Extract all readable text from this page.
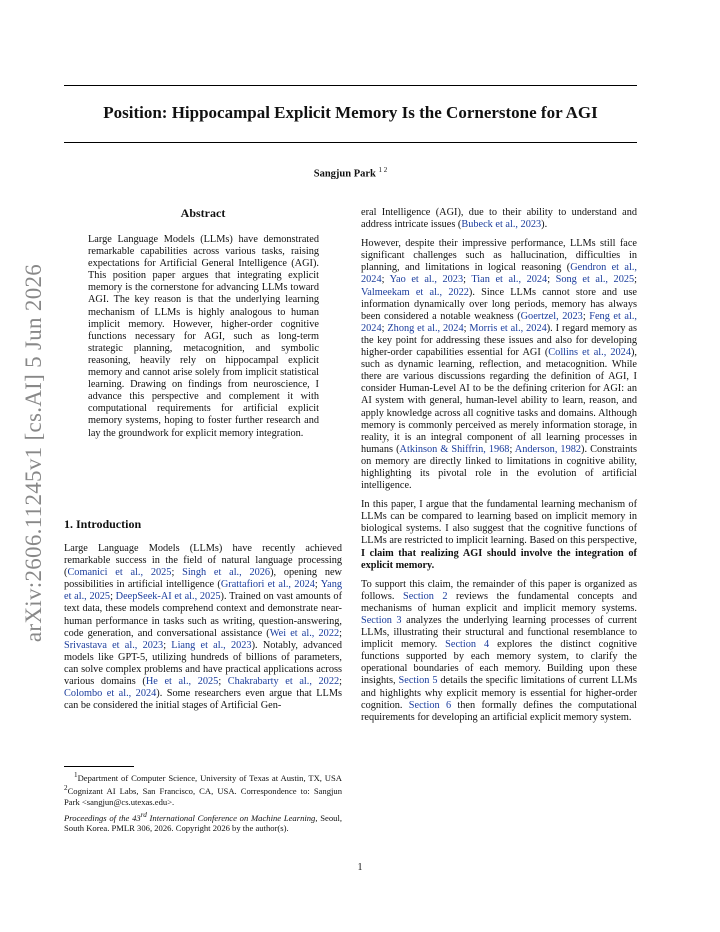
arXiv:2606.11245v1 [cs.AI] 5 Jun 2026
Position: Hippocampal Explicit Memory Is the Cornerstone for AGI
Sangjun Park $^{1 2}$
Abstract
Large Language Models (LLMs) have demonstrated remarkable capabilities across various tasks, raising expectations for Artificial General Intelligence (AGI). This position paper argues that integrating explicit memory is the cornerstone for advancing LLMs toward AGI. The key reason is that the underlying learning mechanism of LLMs is highly analogous to human implicit memory. However, higher-order cognitive functions necessary for AGI, such as long-term strategic planning, metacognition, and symbolic reasoning, heavily rely on hippocampal explicit memory and cannot arise solely from implicit statistical learning. Drawing on findings from neuroscience, I advance this perspective and complement it with computational requirements for artificial explicit memory systems, hoping to foster further research and lay the groundwork for explicit memory integration.
1. Introduction

Large Language Models (LLMs) have recently achieved remarkable success in the field of natural language processing (Comanici et al., 2025; Singh et al., 2026), opening new possibilities in artificial intelligence (Grattafiori et al., 2024; Yang et al., 2025; DeepSeek-AI et al., 2025). Trained on vast amounts of text data, these models comprehend context and demonstrate near-human performance in tasks such as writing, question-answering, code generation, and conversational assistance (Wei et al., 2022; Srivastava et al., 2023; Liang et al., 2023). Notably, advanced models like GPT-5, utilizing hundreds of billions of parameters, can solve complex problems and have practical applications across various domains (He et al., 2025; Chakrabarty et al., 2022; Colombo et al., 2024). Some researchers even argue that LLMs can be considered the initial stages of Artificial Gen-

$^1$Department of Computer Science, University of Texas at Austin, TX, USA $^2$Cognizant AI Labs, San Francisco, CA, USA. Correspondence to: Sangjun Park <sangjun@cs.utexas.edu>.
Proceedings of the 43rd International Conference on Machine Learning, Seoul, South Korea. PMLR 306, 2026. Copyright 2026 by the author(s).

eral Intelligence (AGI), due to their ability to understand and address intricate issues (Bubeck et al., 2023).

However, despite their impressive performance, LLMs still face significant challenges such as hallucination, difficulties in planning, and limitations in logical reasoning (Gendron et al., 2024; Yao et al., 2023; Tian et al., 2024; Song et al., 2025; Valmeekam et al., 2022). Since LLMs cannot store and use information dynamically over long periods, memory has always been considered a notable weakness (Goertzel, 2023; Feng et al., 2024; Zhong et al., 2024; Morris et al., 2024). I regard memory as the key point for addressing these issues and also for developing higher-order capabilities essential for AGI (Collins et al., 2024), such as dynamic learning, reflection, and metacognition. While there are various discussions regarding the definition of AGI, I consider Human-Level AI to be the defining criterion for AGI: an AI system with general, human-level ability to learn, reason, and apply knowledge across all cognitive tasks and domains. Although memory is commonly perceived as merely information storage, in reality, it is an integral component of all learning processes in humans (Atkinson & Shiffrin, 1968; Anderson, 1982). Constraints on memory are directly linked to limitations in cognitive ability, highlighting its pivotal role in the evolution of artificial intelligence.

In this paper, I argue that the fundamental learning mechanism of LLMs can be compared to learning based on implicit memory in biological systems. I also suggest that the cognitive functions of LLMs are restricted to implicit learning. Based on this perspective, I claim that realizing AGI should involve the integration of explicit memory.

To support this claim, the remainder of this paper is organized as follows. Section 2 reviews the fundamental concepts and mechanisms of human explicit and implicit memory systems. Section 3 analyzes the underlying learning processes of current LLMs, illustrating their structural and functional resemblance to implicit memory. Section 4 explores the distinct cognitive functions supported by each memory system, to clarify the operational boundaries of each memory. Building upon these insights, Section 5 details the specific limitations of current LLMs and highlights why explicit memory is essential for higher-order cognition. Section 6 then formally defines the computational requirements for developing an artificial explicit memory system.

1
